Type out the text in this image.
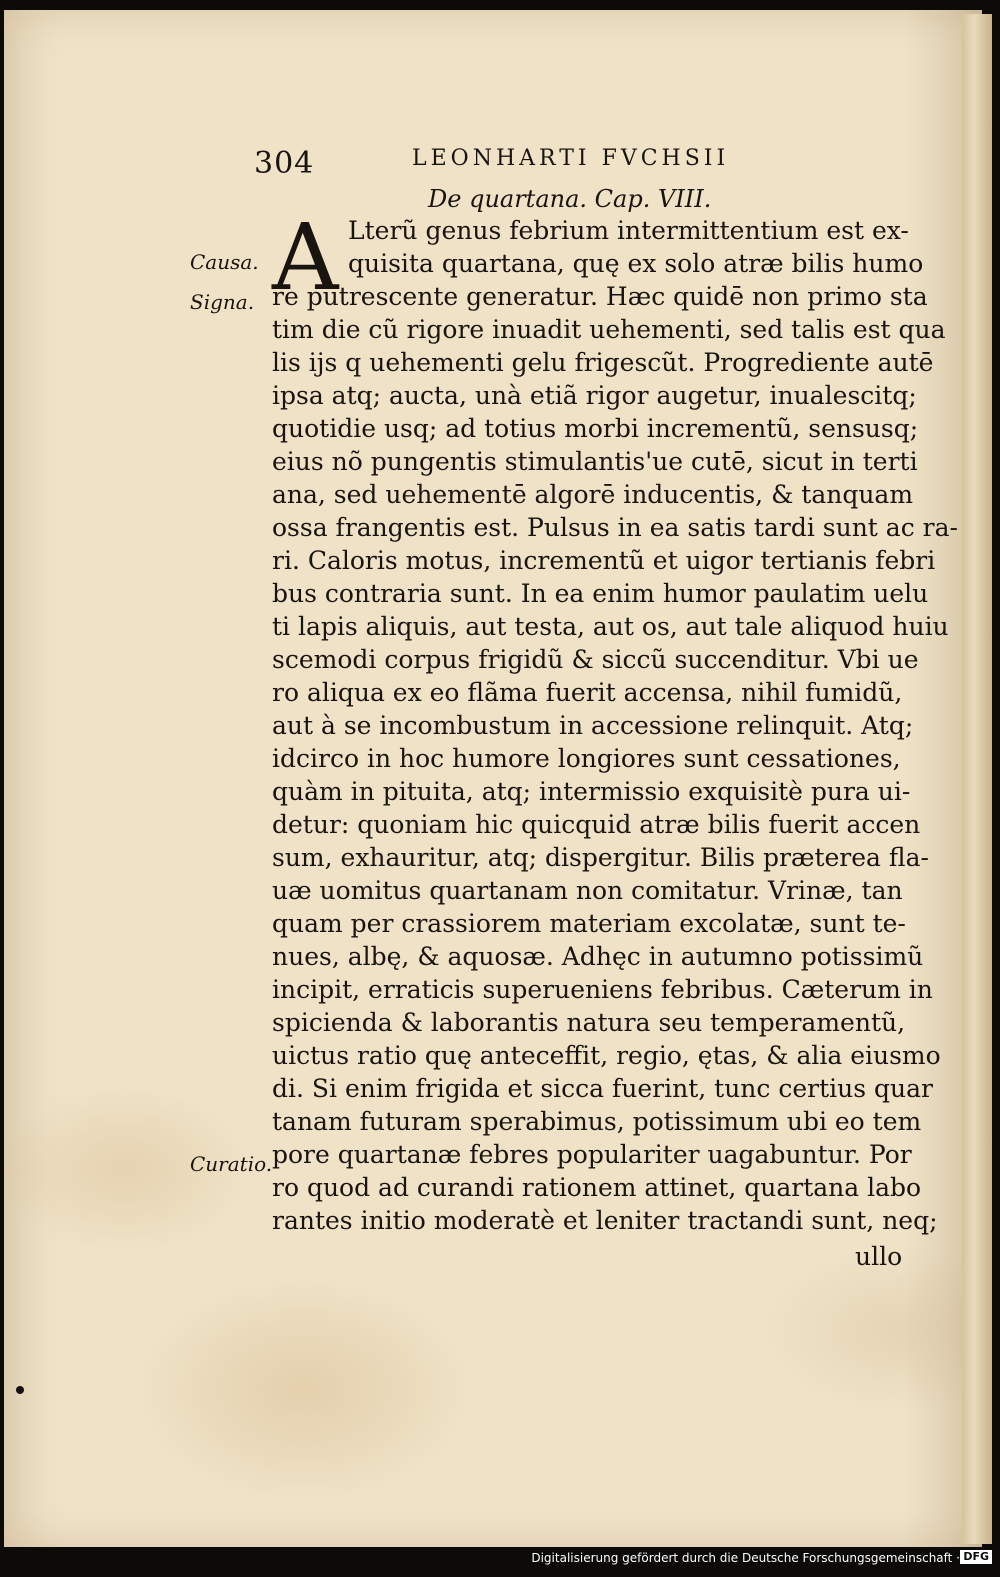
304	LEONHARTI FVCHSII
De quartana. Cap. VIII.
A
Causa.
Signa.
Curatio.
Lterũ genus febrium intermittentium est ex-
quisita quartana, quę ex solo atræ bilis humo
re putrescente generatur. Hæc quidē non primo sta
tim die cũ rigore inuadit uehementi, sed talis est qua
lis ijs q uehementi gelu frigescũt. Progrediente autē
ipsa atq; aucta, unà etiã rigor augetur, inualescitq;
quotidie usq; ad totius morbi incrementũ, sensusq;
eius nõ pungentis stimulantis'ue cutē, sicut in terti
ana, sed uehementē algorē inducentis, & tanquam
ossa frangentis est. Pulsus in ea satis tardi sunt ac ra-
ri. Caloris motus, incrementũ et uigor tertianis febri
bus contraria sunt. In ea enim humor paulatim uelu
ti lapis aliquis, aut testa, aut os, aut tale aliquod huiu
scemodi corpus frigidũ & siccũ succenditur. Vbi ue
ro aliqua ex eo flãma fuerit accensa, nihil fumidũ,
aut à se incombustum in accessione relinquit. Atq;
idcirco in hoc humore longiores sunt cessationes,
quàm in pituita, atq; intermissio exquisitè pura ui-
detur: quoniam hic quicquid atræ bilis fuerit accen
sum, exhauritur, atq; dispergitur. Bilis præterea fla-
uæ uomitus quartanam non comitatur. Vrinæ, tan
quam per crassiorem materiam excolatæ, sunt te-
nues, albę, & aquosæ. Adhęc in autumno potissimũ
incipit, erraticis superueniens febribus. Cæterum in
spicienda & laborantis natura seu temperamentũ,
uictus ratio quę anteceffit, regio, ętas, & alia eiusmo
di. Si enim frigida et sicca fuerint, tunc certius quar
tanam futuram sperabimus, potissimum ubi eo tem
pore quartanæ febres populariter uagabuntur. Por
ro quod ad curandi rationem attinet, quartana labo
rantes initio moderatè et leniter tractandi sunt, neq;
ullo
Digitalisierung gefördert durch die Deutsche Forschungsgemeinschaft · DFG
